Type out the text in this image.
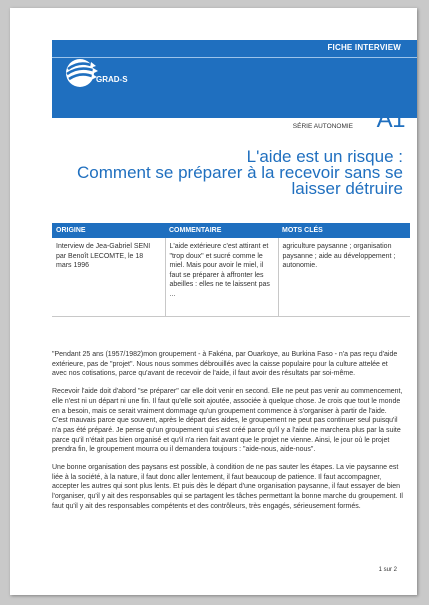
FICHE INTERVIEW
GRAD-S
SÉRIE AUTONOMIE A1
L'aide est un risque :
Comment se préparer à la recevoir sans se
laisser détruire
ORIGINE	COMMENTAIRE	MOTS CLÉS
Interview de Jea-Gabriel SENI par Benoît LECOMTE, le 18 mars 1996	L'aide extérieure c'est attirant et "trop doux" et sucré comme le miel. Mais pour avoir le miel, il faut se préparer à affronter les abeilles : elles ne te laissent pas ...	agriculture paysanne ; organisation paysanne ; aide au développement ; autonomie.

"Pendant 25 ans (1957/1982)mon groupement - à Fakéna, par Ouarkoye, au Burkina Faso - n'a pas reçu d'aide extérieure, pas de "projet". Nous nous sommes débrouillés avec la caisse populaire pour la culture attelée et avec nos cotisations, parce qu'avant de recevoir de l'aide, il faut avoir des résultats par soi-même.

Recevoir l'aide doit d'abord "se préparer" car elle doit venir en second. Elle ne peut pas venir au commencement, elle n'est ni un départ ni une fin. Il faut qu'elle soit ajoutée, associée à quelque chose. Je crois que tout le monde en a besoin, mais ce serait vraiment dommage qu'un groupement commence à s'organiser à partir de l'aide. C'est mauvais parce que souvent, après le départ des aides, le groupement ne peut pas continuer seul puisqu'il n'a pas été préparé. Je pense qu'un groupement qui s'est créé parce qu'il y a l'aide ne marchera plus par la suite parce qu'il n'était pas bien organisé et qu'il n'a rien fait avant que le projet ne vienne. Ainsi, le jour où le projet prendra fin, le groupement mourra ou il demandera toujours : "aide-nous, aide-nous".

Une bonne organisation des paysans est possible, à condition de ne pas sauter les étapes. La vie paysanne est liée à la société, à la nature, il faut donc aller lentement, il faut beaucoup de patience. Il faut accompagner, accepter les autres qui sont plus lents. Et puis dès le départ d'une organisation paysanne, il faut essayer de bien l'organiser, qu'il y ait des responsables qui se partagent les tâches permettant la bonne marche du groupement. Il faut qu'il y ait des responsables compétents et des contrôleurs, très engagés, sérieusement formés.

1 sur 2
